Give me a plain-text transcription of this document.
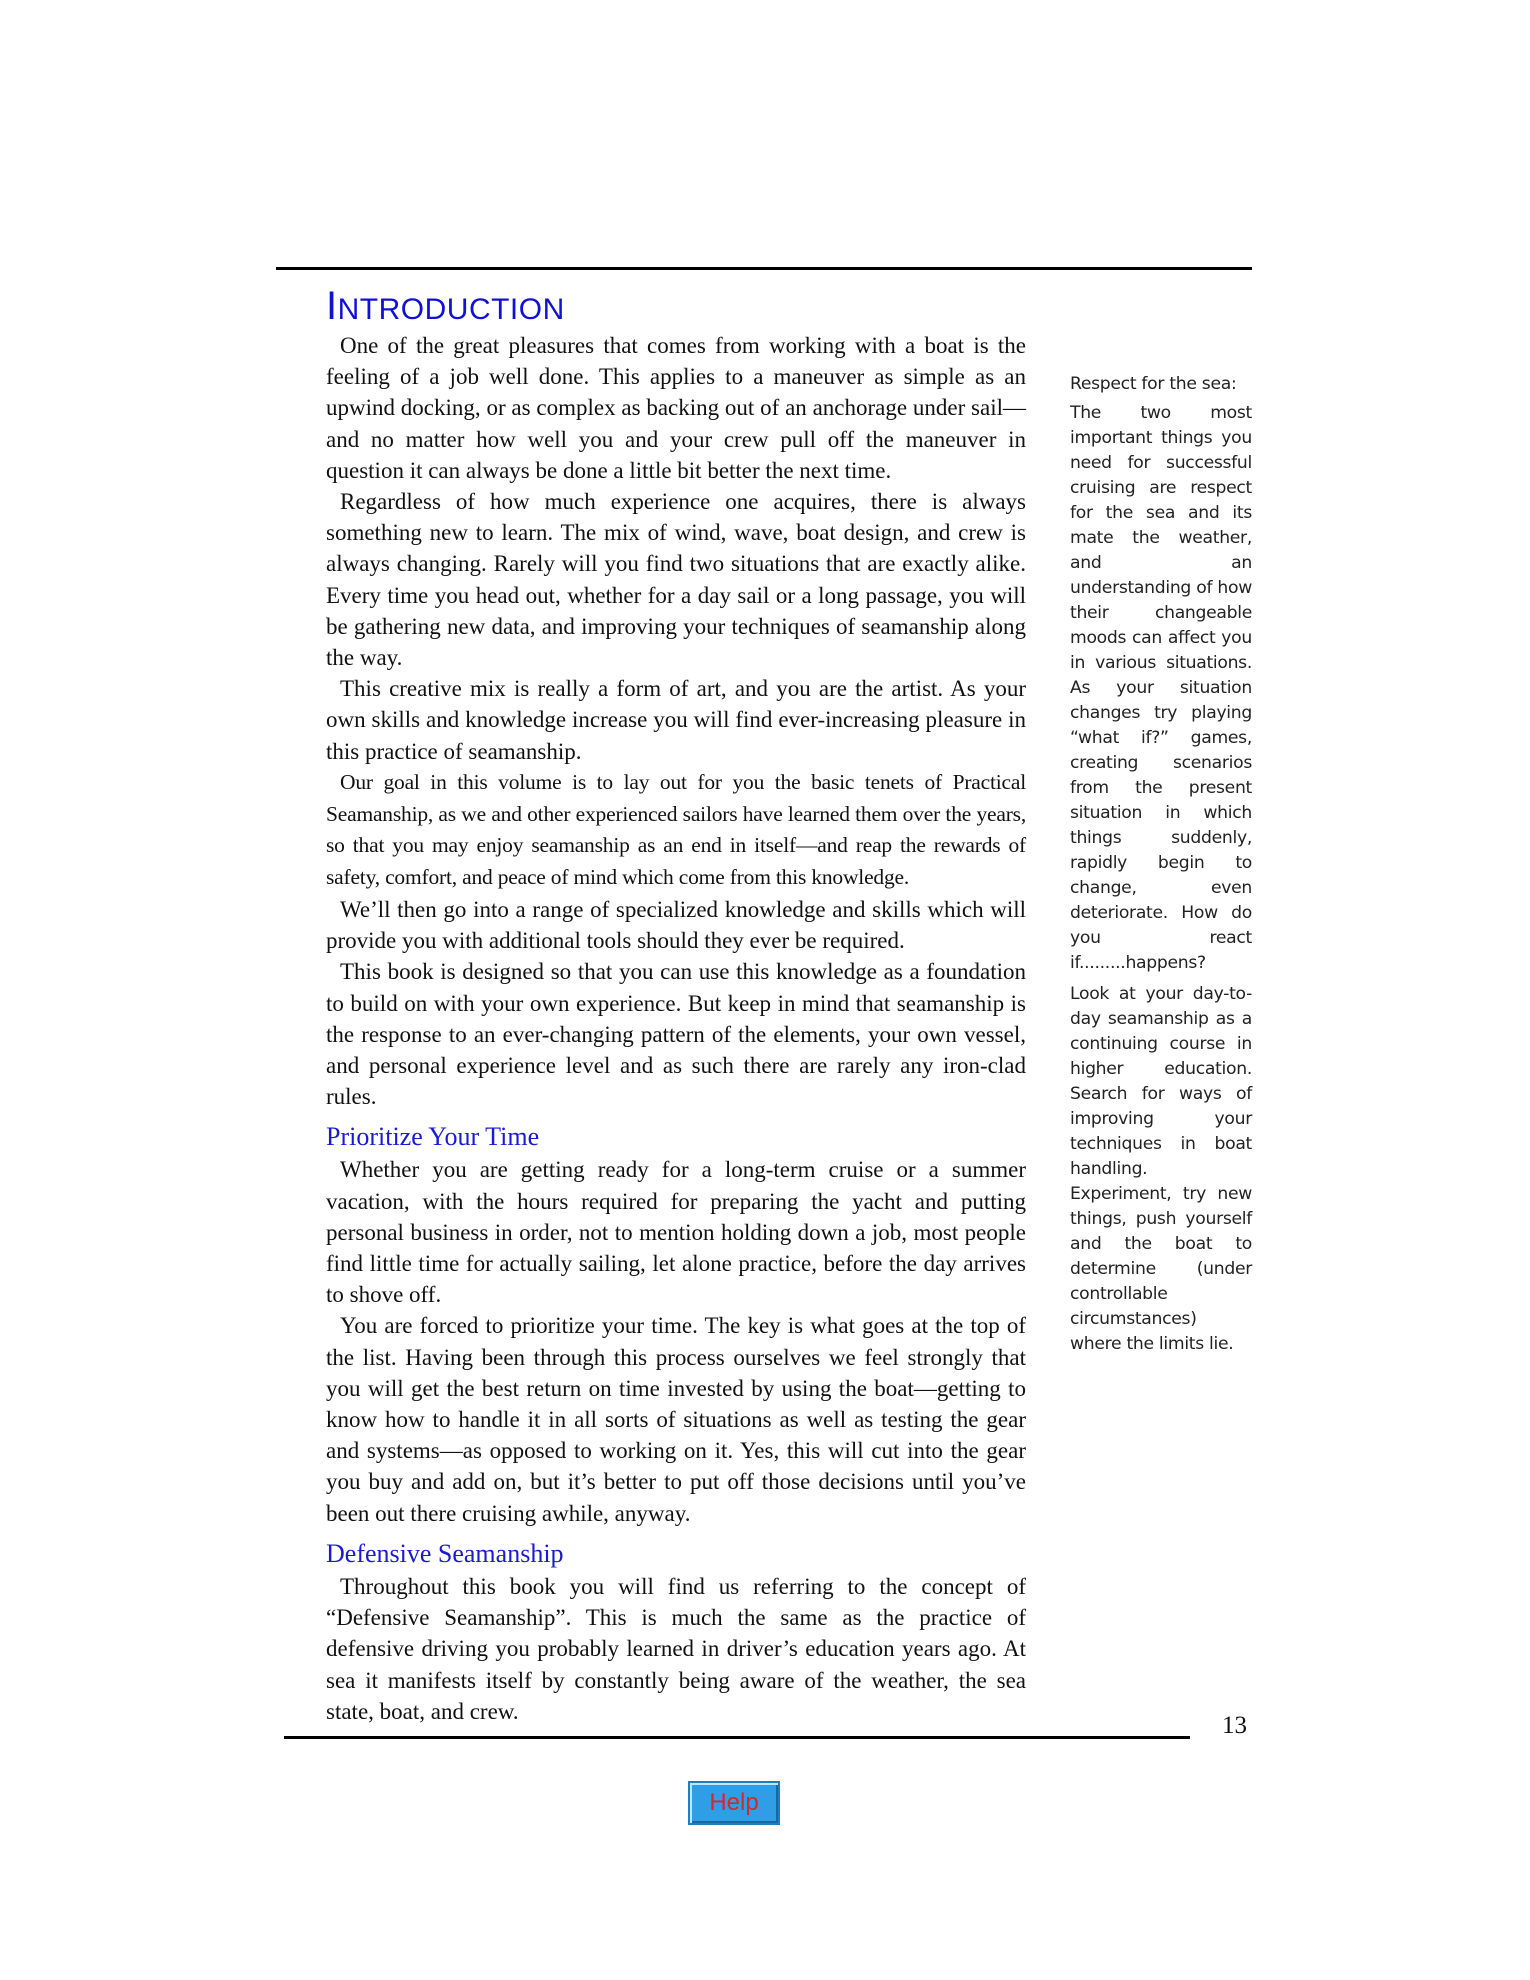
INTRODUCTION

One of the great pleasures that comes from working with a boat is the feeling of a job well done. This applies to a maneuver as simple as an upwind docking, or as complex as backing out of an anchorage under sail—and no matter how well you and your crew pull off the maneuver in question it can always be done a little bit better the next time.

Regardless of how much experience one acquires, there is always something new to learn. The mix of wind, wave, boat design, and crew is always changing. Rarely will you find two situations that are exactly alike. Every time you head out, whether for a day sail or a long passage, you will be gathering new data, and improving your techniques of seamanship along the way.

This creative mix is really a form of art, and you are the artist. As your own skills and knowledge increase you will find ever-increasing pleasure in this practice of seamanship.

Our goal in this volume is to lay out for you the basic tenets of Practical Seamanship, as we and other experienced sailors have learned them over the years, so that you may enjoy seamanship as an end in itself—and reap the rewards of safety, comfort, and peace of mind which come from this knowledge.

We’ll then go into a range of specialized knowledge and skills which will provide you with additional tools should they ever be required.

This book is designed so that you can use this knowledge as a foundation to build on with your own experience. But keep in mind that seamanship is the response to an ever-changing pattern of the elements, your own vessel, and personal experience level and as such there are rarely any iron-clad rules.

Prioritize Your Time

Whether you are getting ready for a long-term cruise or a summer vacation, with the hours required for preparing the yacht and putting personal business in order, not to mention holding down a job, most people find little time for actually sailing, let alone practice, before the day arrives to shove off.

You are forced to prioritize your time. The key is what goes at the top of the list. Having been through this process ourselves we feel strongly that you will get the best return on time invested by using the boat—getting to know how to handle it in all sorts of situations as well as testing the gear and systems—as opposed to working on it. Yes, this will cut into the gear you buy and add on, but it’s better to put off those decisions until you’ve been out there cruising awhile, anyway.

Defensive Seamanship

Throughout this book you will find us referring to the concept of “Defensive Seamanship”. This is much the same as the practice of defensive driving you probably learned in driver’s education years ago. At sea it manifests itself by constantly being aware of the weather, the sea state, boat, and crew.

Respect for the sea:

The two most important things you need for successful cruising are respect for the sea and its mate the weather, and an understanding of how their changeable moods can affect you in various situations. As your situation changes try playing “what if?” games, creating scenarios from the present situation in which things suddenly, rapidly begin to change, even deteriorate. How do you react if.........happens?

Look at your day-to-day seamanship as a continuing course in higher education. Search for ways of improving your techniques in boat handling. Experiment, try new things, push yourself and the boat to determine (under controllable circumstances) where the limits lie.

13
Help
